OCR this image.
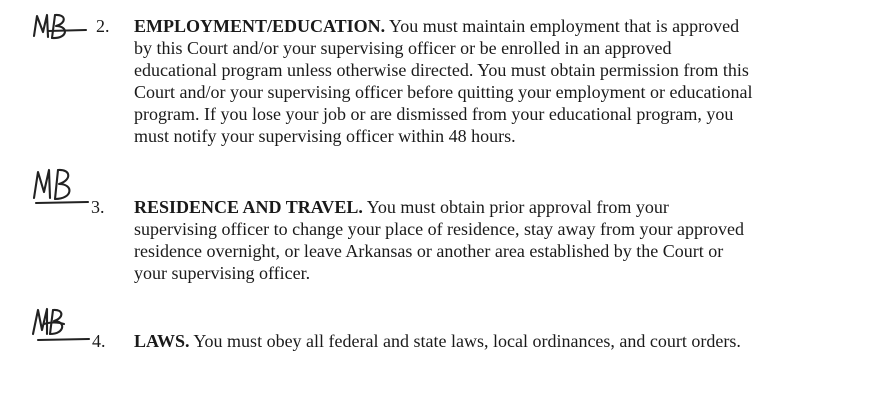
2. EMPLOYMENT/EDUCATION. You must maintain employment that is approved
by this Court and/or your supervising officer or be enrolled in an approved
educational program unless otherwise directed. You must obtain permission from this
Court and/or your supervising officer before quitting your employment or educational
program. If you lose your job or are dismissed from your educational program, you
must notify your supervising officer within 48 hours.
3. RESIDENCE AND TRAVEL. You must obtain prior approval from your
supervising officer to change your place of residence, stay away from your approved
residence overnight, or leave Arkansas or another area established by the Court or
your supervising officer.
4. LAWS. You must obey all federal and state laws, local ordinances, and court orders.
